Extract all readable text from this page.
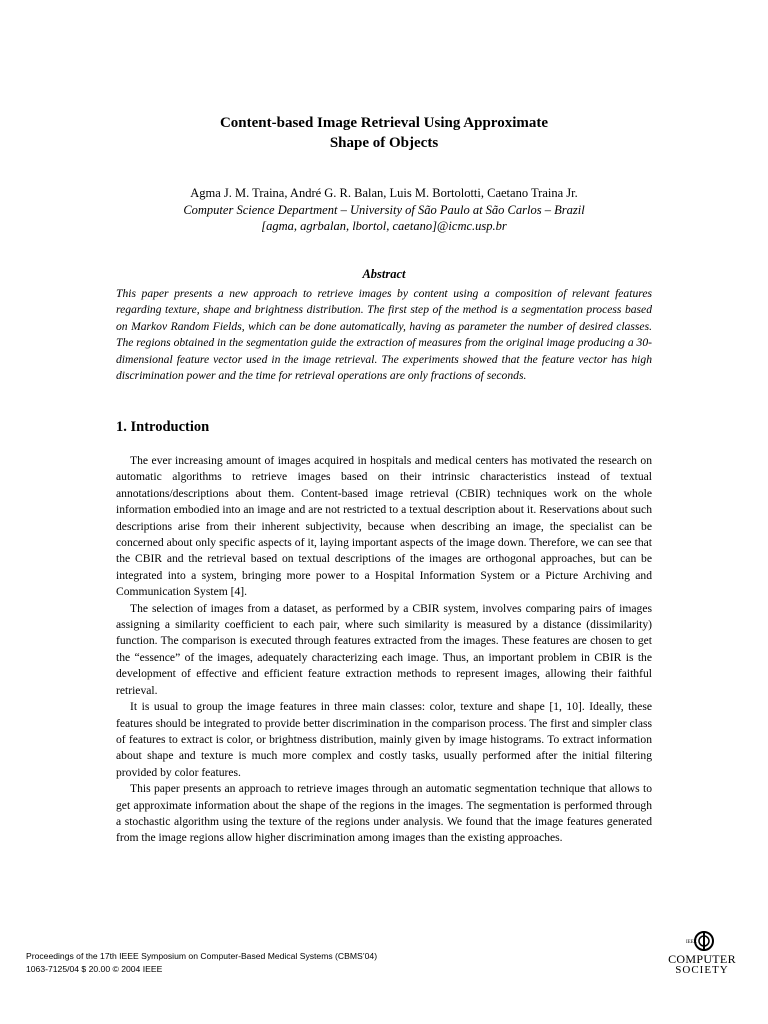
Content-based Image Retrieval Using Approximate
Shape of Objects
Agma J. M. Traina, André G. R. Balan, Luis M. Bortolotti, Caetano Traina Jr.
Computer Science Department – University of São Paulo at São Carlos – Brazil
[agma, agrbalan, lbortol, caetano]@icmc.usp.br
Abstract
This paper presents a new approach to retrieve images by content using a composition of relevant features regarding texture, shape and brightness distribution. The first step of the method is a segmentation process based on Markov Random Fields, which can be done automatically, having as parameter the number of desired classes. The regions obtained in the segmentation guide the extraction of measures from the original image producing a 30-dimensional feature vector used in the image retrieval. The experiments showed that the feature vector has high discrimination power and the time for retrieval operations are only fractions of seconds.
1. Introduction

The ever increasing amount of images acquired in hospitals and medical centers has motivated the research on automatic algorithms to retrieve images based on their intrinsic characteristics instead of textual annotations/descriptions about them. Content-based image retrieval (CBIR) techniques work on the whole information embodied into an image and are not restricted to a textual description about it. Reservations about such descriptions arise from their inherent subjectivity, because when describing an image, the specialist can be concerned about only specific aspects of it, laying important aspects of the image down. Therefore, we can see that the CBIR and the retrieval based on textual descriptions of the images are orthogonal approaches, but can be integrated into a system, bringing more power to a Hospital Information System or a Picture Archiving and Communication System [4].

The selection of images from a dataset, as performed by a CBIR system, involves comparing pairs of images assigning a similarity coefficient to each pair, where such similarity is measured by a distance (dissimilarity) function. The comparison is executed through features extracted from the images. These features are chosen to get the “essence” of the images, adequately characterizing each image. Thus, an important problem in CBIR is the development of effective and efficient feature extraction methods to represent images, allowing their faithful retrieval.

It is usual to group the image features in three main classes: color, texture and shape [1, 10]. Ideally, these features should be integrated to provide better discrimination in the comparison process. The first and simpler class of features to extract is color, or brightness distribution, mainly given by image histograms. To extract information about shape and texture is much more complex and costly tasks, usually performed after the initial filtering provided by color features.

This paper presents an approach to retrieve images through an automatic segmentation technique that allows to get approximate information about the shape of the regions in the images. The segmentation is performed through a stochastic algorithm using the texture of the regions under analysis. We found that the image features generated from the image regions allow higher discrimination among images than the existing approaches.

Proceedings of the 17th IEEE Symposium on Computer-Based Medical Systems (CBMS’04)
1063-7125/04 $ 20.00 © 2004 IEEE
IEEE
COMPUTER
SOCIETY
